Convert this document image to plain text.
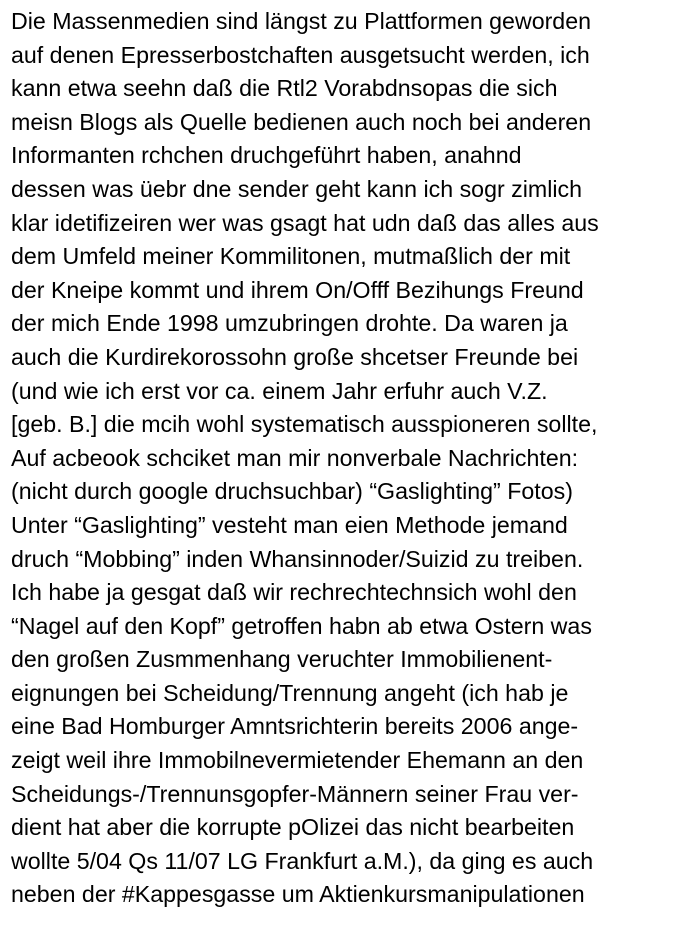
Die Massenmedien sind längst zu Plattformen geworden
auf denen Epresserbostchaften ausgetsucht werden, ich
kann etwa seehn daß die Rtl2 Vorabdnsopas die sich
meisn Blogs als Quelle bedienen auch noch bei anderen
Informanten rchchen druchgeführt haben, anahnd
dessen was üebr dne sender geht kann ich sogr zimlich
klar idetifizeiren wer was gsagt hat udn daß das alles aus
dem Umfeld meiner Kommilitonen, mutmaßlich der mit
der Kneipe kommt und ihrem On/Offf Bezihungs Freund
der mich Ende 1998 umzubringen drohte. Da waren ja
auch die Kurdirekorossohn große shcetser Freunde bei
(und wie ich erst vor ca. einem Jahr erfuhr auch V.Z.
[geb. B.] die mcih wohl systematisch ausspioneren sollte,
Auf acbeook schciket man mir nonverbale Nachrichten:
(nicht durch google druchsuchbar) “Gaslighting” Fotos)
Unter “Gaslighting” vesteht man eien Methode jemand
druch “Mobbing” inden Whansinnoder/Suizid zu treiben.
Ich habe ja gesgat daß wir rechrechtechnsich wohl den
“Nagel auf den Kopf” getroffen habn ab etwa Ostern was
den großen Zusmmenhang veruchter Immobilienent-
eignungen bei Scheidung/Trennung angeht (ich hab je
eine Bad Homburger Amntsrichterin bereits 2006 ange-
zeigt weil ihre Immobilnevermietender Ehemann an den
Scheidungs-/Trennunsgopfer-Männern seiner Frau ver-
dient hat aber die korrupte pOlizei das nicht bearbeiten
wollte 5/04 Qs 11/07 LG Frankfurt a.M.), da ging es auch
neben der #Kappesgasse um Aktienkursmanipulationen
